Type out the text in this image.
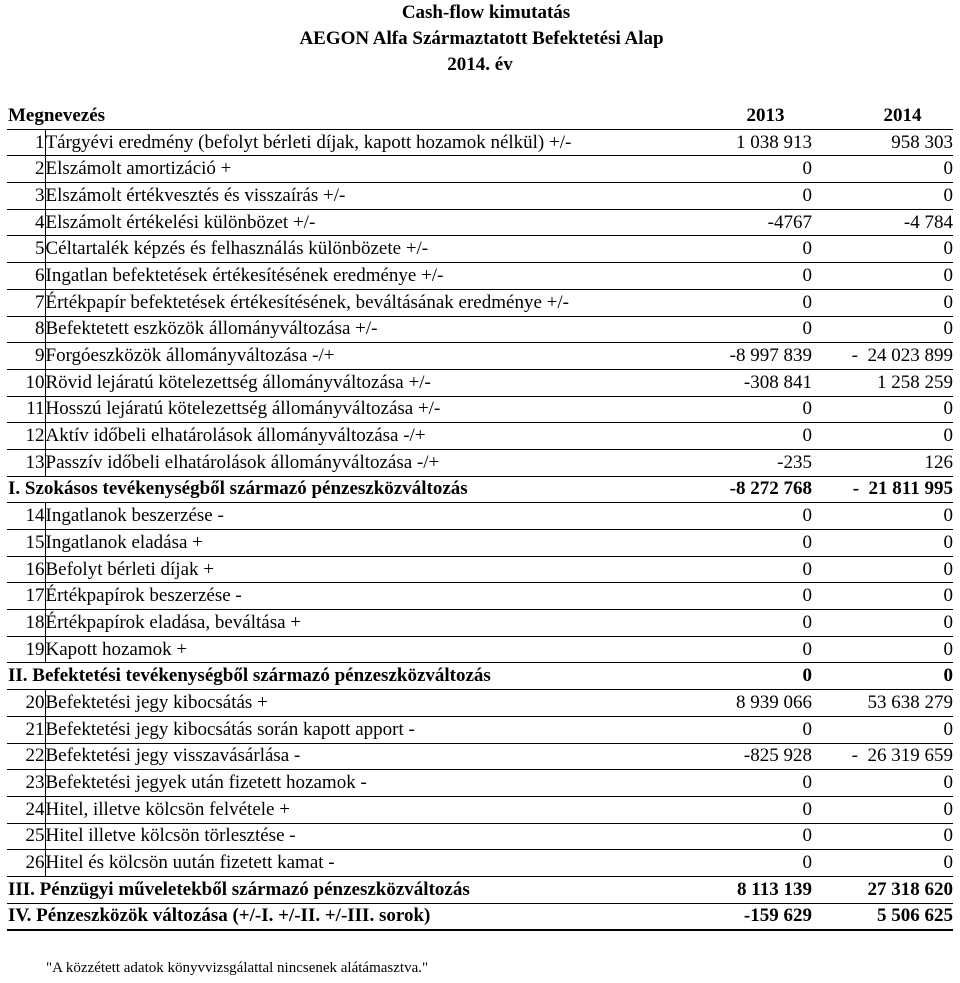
Cash-flow kimutatás
AEGON Alfa Származtatott Befektetési Alap
2014. év
Megnevezés		2013	2014
1	Tárgyévi eredmény (befolyt bérleti díjak, kapott hozamok nélkül) +/-	1 038 913	958 303
2	Elszámolt amortizáció +	0	0
3	Elszámolt értékvesztés és visszaírás +/-	0	0
4	Elszámolt értékelési különbözet +/-	-4767	-4 784
5	Céltartalék képzés és felhasználás különbözete +/-	0	0
6	Ingatlan befektetések értékesítésének eredménye +/-	0	0
7	Értékpapír befektetések értékesítésének, beváltásának eredménye +/-	0	0
8	Befektetett eszközök állományváltozása +/-	0	0
9	Forgóeszközök állományváltozása -/+	-8 997 839	-  24 023 899
10	Rövid lejáratú kötelezettség állományváltozása +/-	-308 841	1 258 259
11	Hosszú lejáratú kötelezettség állományváltozása +/-	0	0
12	Aktív időbeli elhatárolások állományváltozása -/+	0	0
13	Passzív időbeli elhatárolások állományváltozása -/+	-235	126
I. Szokásos tevékenységből származó pénzeszközváltozás		-8 272 768	-  21 811 995
14	Ingatlanok beszerzése -	0	0
15	Ingatlanok eladása +	0	0
16	Befolyt bérleti díjak +	0	0
17	Értékpapírok beszerzése -	0	0
18	Értékpapírok eladása, beváltása +	0	0
19	Kapott hozamok +	0	0
II. Befektetési tevékenységből származó pénzeszközváltozás		0	0
20	Befektetési jegy kibocsátás +	8 939 066	53 638 279
21	Befektetési jegy kibocsátás során kapott apport -	0	0
22	Befektetési jegy visszavásárlása -	-825 928	-  26 319 659
23	Befektetési jegyek után fizetett hozamok -	0	0
24	Hitel, illetve kölcsön felvétele +	0	0
25	Hitel illetve kölcsön törlesztése -	0	0
26	Hitel és kölcsön uután fizetett kamat -	0	0
III. Pénzügyi műveletekből származó pénzeszközváltozás		8 113 139	27 318 620
IV. Pénzeszközök változása (+/-I. +/-II. +/-III. sorok)		-159 629	5 506 625
"A közzétett adatok könyvvizsgálattal nincsenek alátámasztva."
